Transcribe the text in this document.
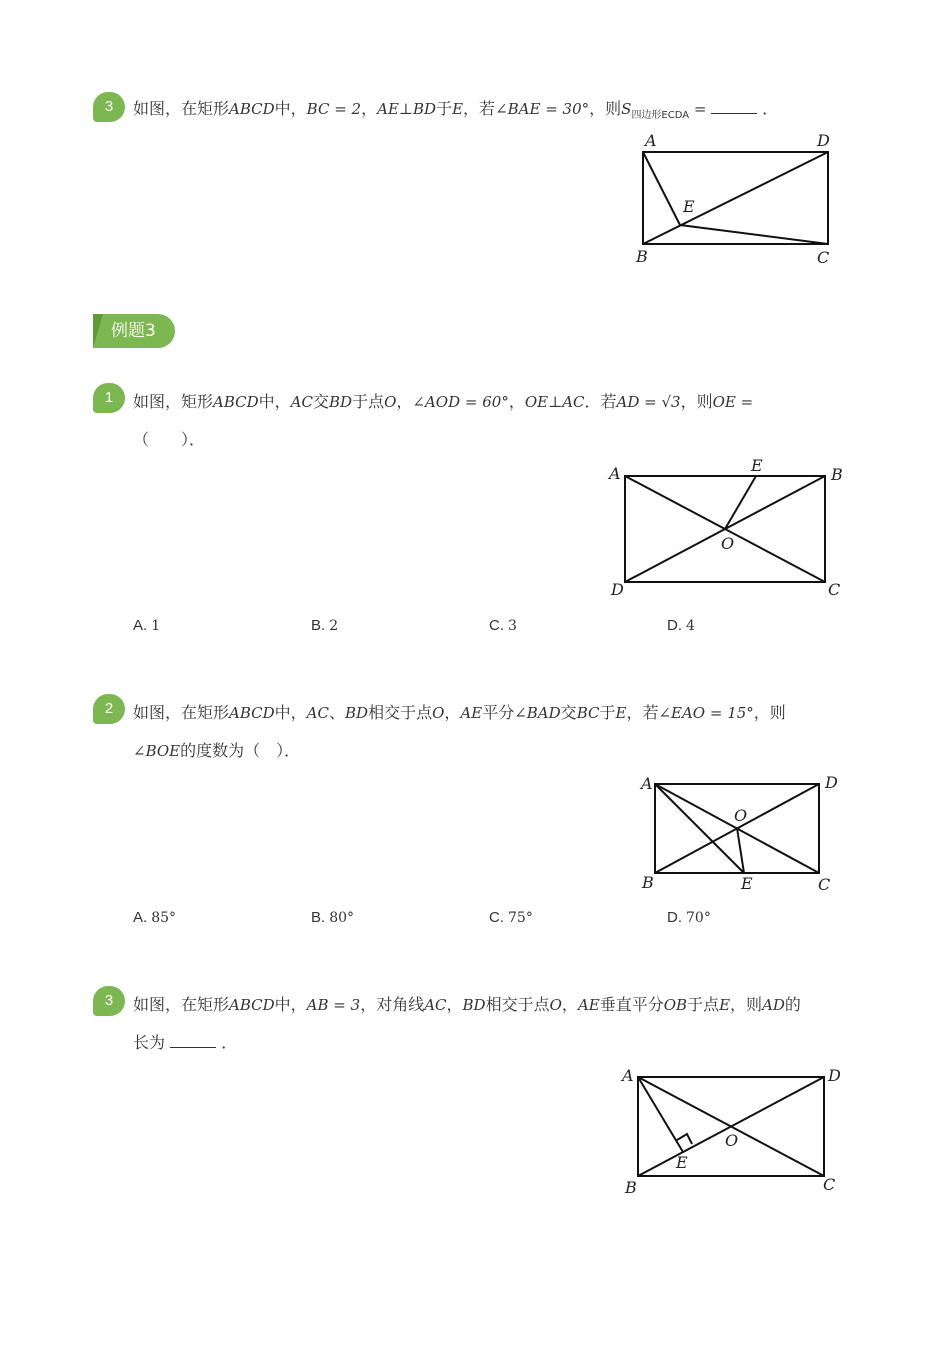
3	如图，在矩形ABCD中，BC = 2，AE⊥BD于E，若∠BAE = 30°，则$S_{四边形ECDA}$ =	．
A	D
E
B	C
例题3
1	如图，矩形ABCD中，AC交BD于点O，∠AOD = 60°，OE⊥AC．若AD = √3，则OE =
（　　）．
A	E	B
O
D	C
A. 1	B. 2	C. 3	D. 4
2	如图，在矩形ABCD中，AC、BD相交于点O，AE平分∠BAD交BC于E，若∠EAO = 15°，则
∠BOE的度数为（　）．
A	D
O
B	E	C
A. 85°	B. 80°	C. 75°	D. 70°
3	如图，在矩形ABCD中，AB = 3，对角线AC，BD相交于点O，AE垂直平分OB于点E，则AD的
长为	．
A	D
O
E
B	C
